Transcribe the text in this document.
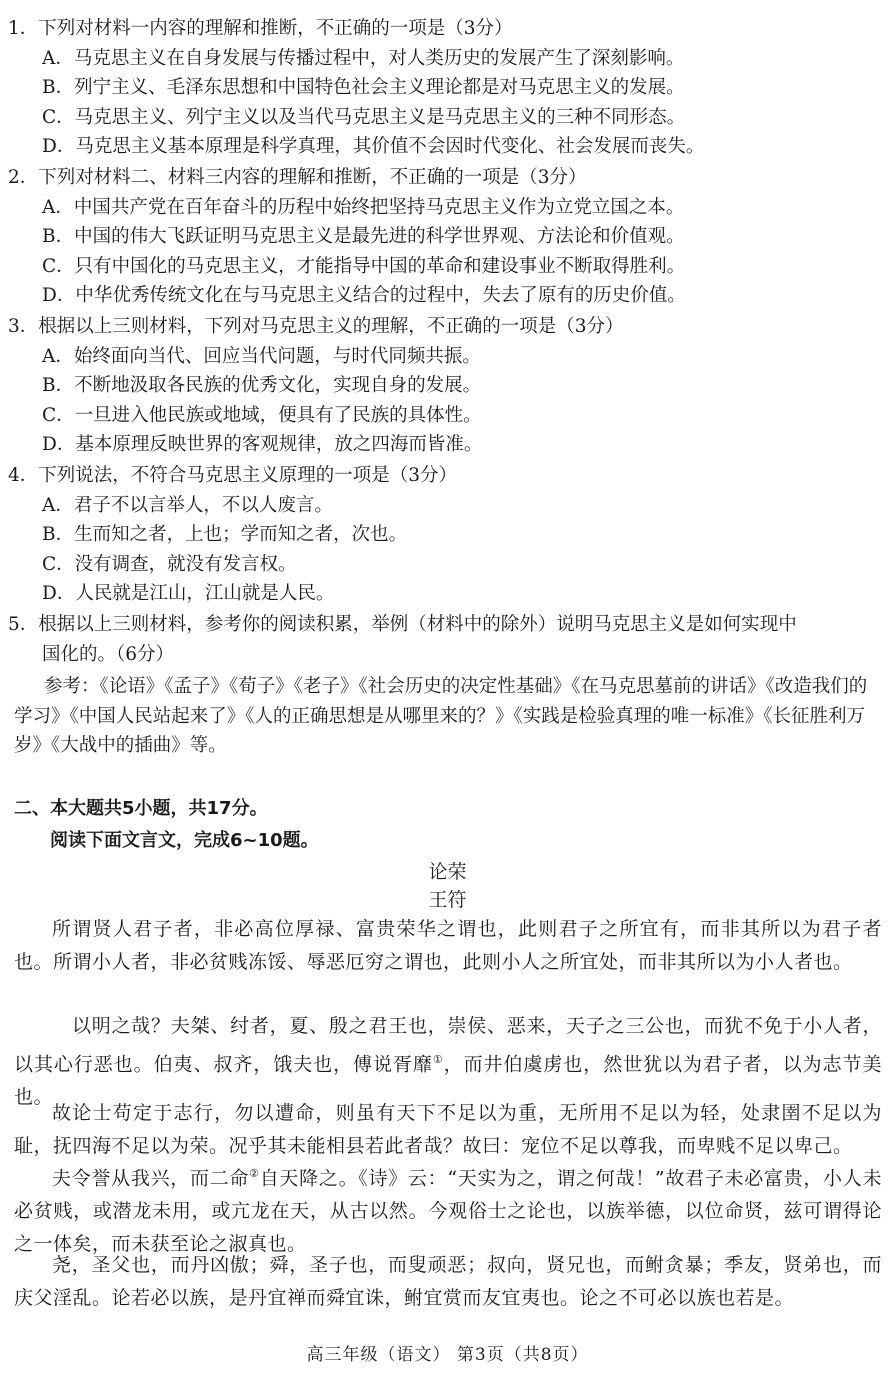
1．下列对材料一内容的理解和推断，不正确的一项是（3分）

A．马克思主义在自身发展与传播过程中，对人类历史的发展产生了深刻影响。

B．列宁主义、毛泽东思想和中国特色社会主义理论都是对马克思主义的发展。

C．马克思主义、列宁主义以及当代马克思主义是马克思主义的三种不同形态。

D．马克思主义基本原理是科学真理，其价值不会因时代变化、社会发展而丧失。

2．下列对材料二、材料三内容的理解和推断，不正确的一项是（3分）

A．中国共产党在百年奋斗的历程中始终把坚持马克思主义作为立党立国之本。

B．中国的伟大飞跃证明马克思主义是最先进的科学世界观、方法论和价值观。

C．只有中国化的马克思主义，才能指导中国的革命和建设事业不断取得胜利。

D．中华优秀传统文化在与马克思主义结合的过程中，失去了原有的历史价值。

3．根据以上三则材料，下列对马克思主义的理解，不正确的一项是（3分）

A．始终面向当代、回应当代问题，与时代同频共振。

B．不断地汲取各民族的优秀文化，实现自身的发展。

C．一旦进入他民族或地域，便具有了民族的具体性。

D．基本原理反映世界的客观规律，放之四海而皆准。

4．下列说法，不符合马克思主义原理的一项是（3分）

A．君子不以言举人，不以人废言。

B．生而知之者，上也；学而知之者，次也。

C．没有调查，就没有发言权。

D．人民就是江山，江山就是人民。

5．根据以上三则材料，参考你的阅读积累，举例（材料中的除外）说明马克思主义是如何实现中

国化的。（6分）

参考：《论语》《孟子》《荀子》《老子》《社会历史的决定性基础》《在马克思墓前的讲话》《改造我们的学习》《中国人民站起来了》《人的正确思想是从哪里来的？》《实践是检验真理的唯一标准》《长征胜利万岁》《大战中的插曲》等。

二、本大题共5小题，共17分。

阅读下面文言文，完成6~10题。

论荣

王符

所谓贤人君子者，非必高位厚禄、富贵荣华之谓也，此则君子之所宜有，而非其所以为君子者也。所谓小人者，非必贫贱冻馁、辱恶厄穷之谓也，此则小人之所宜处，而非其所以为小人者也。

以明之哉？夫桀、纣者，夏、殷之君王也，崇侯、恶来，天子之三公也，而犹不免于小人者，以其心行恶也。伯夷、叔齐，饿夫也，傅说胥靡①，而井伯虞虏也，然世犹以为君子者，以为志节美也。

故论士苟定于志行，勿以遭命，则虽有天下不足以为重，无所用不足以为轻，处隶圉不足以为耻，抚四海不足以为荣。况乎其未能相县若此者哉？故曰：宠位不足以尊我，而卑贱不足以卑己。

夫令誉从我兴，而二命②自天降之。《诗》云：“天实为之，谓之何哉！”故君子未必富贵，小人未必贫贱，或潜龙未用，或亢龙在天，从古以然。今观俗士之论也，以族举德，以位命贤，兹可谓得论之一体矣，而未获至论之淑真也。

尧，圣父也，而丹凶傲；舜，圣子也，而叟顽恶；叔向，贤兄也，而鲋贪暴；季友，贤弟也，而庆父淫乱。论若必以族，是丹宜禅而舜宜诛，鲋宜赏而友宜夷也。论之不可必以族也若是。

高三年级（语文） 第3页（共8页）
